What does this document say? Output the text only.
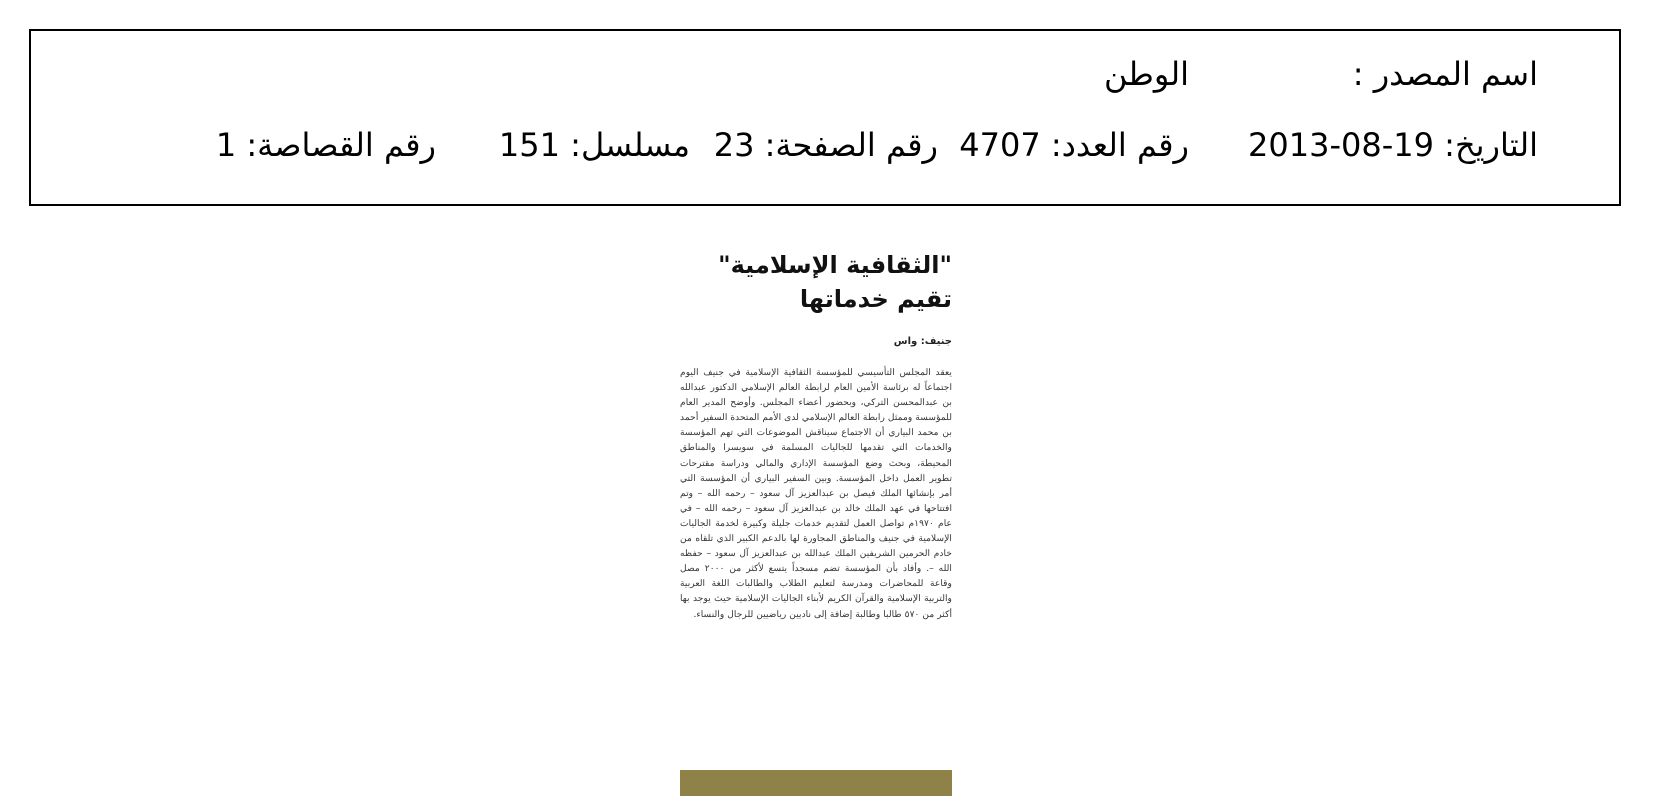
اسم المصدر :
الوطن
التاريخ: 19-08-2013
رقم العدد: 4707
رقم الصفحة: 23
مسلسل: 151
رقم القصاصة: 1
"الثقافية الإسلامية"
تقيم خدماتها
جنيف: واس
يعقد المجلس التأسيسي للمؤسسة الثقافية الإسلامية في جنيف اليوم اجتماعاً له برئاسة الأمين العام لرابطة العالم الإسلامي الدكتور عبدالله بن عبدالمحسن التركي، وبحضور أعضاء المجلس. وأوضح المدير العام للمؤسسة وممثل رابطة العالم الإسلامي لدى الأمم المتحدة السفير أحمد بن محمد البياري أن الاجتماع سيناقش الموضوعات التي تهم المؤسسة والخدمات التي تقدمها للجاليات المسلمة في سويسرا والمناطق المحيطة، وبحث وضع المؤسسة الإداري والمالي ودراسة مقترحات تطوير العمل داخل المؤسسة. وبين السفير البياري أن المؤسسة التي أمر بإنشائها الملك فيصل بن عبدالعزيز آل سعود – رحمه الله – وتم افتتاحها في عهد الملك خالد بن عبدالعزيز آل سعود – رحمه الله – في عام ١٩٧٠م تواصل العمل لتقديم خدمات جليلة وكبيرة لخدمة الجاليات الإسلامية في جنيف والمناطق المجاورة لها بالدعم الكبير الذي تلقاه من خادم الحرمين الشريفين الملك عبدالله بن عبدالعزيز آل سعود – حفظه الله –. وأفاد بأن المؤسسة تضم مسجداً يتسع لأكثر من ٢٠٠٠ مصل وقاعة للمحاضرات ومدرسة لتعليم الطلاب والطالبات اللغة العربية والتربية الإسلامية والقرآن الكريم لأبناء الجاليات الإسلامية حيث يوجد بها أكثر من ٥٧٠ طالبا وطالبة إضافة إلى ناديين رياضيين للرجال والنساء.
